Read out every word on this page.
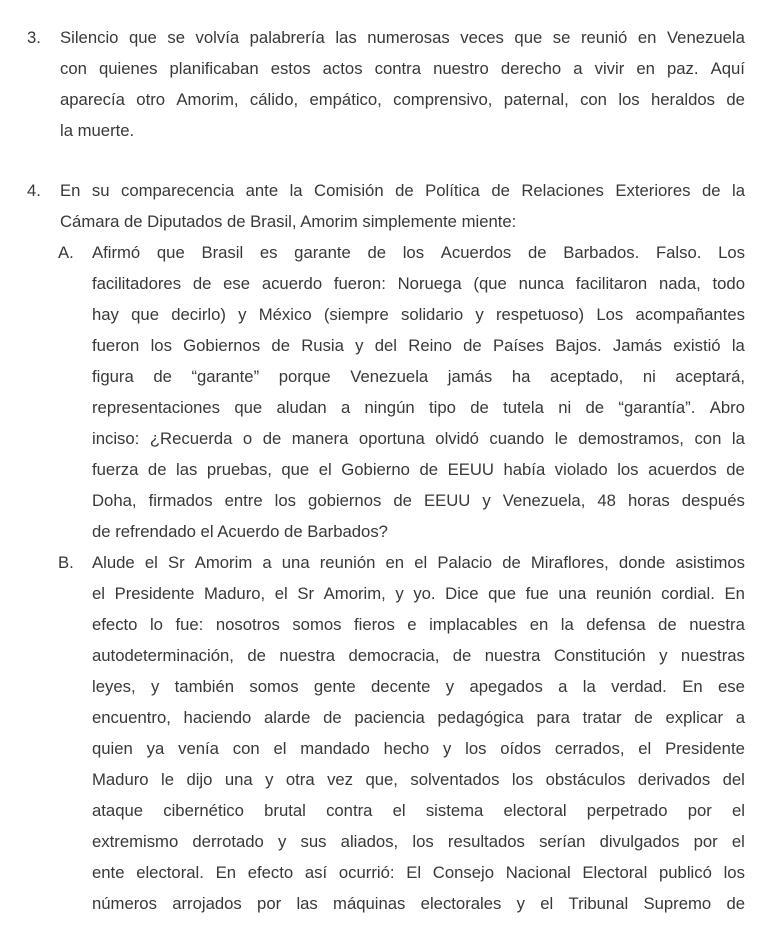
3. Silencio que se volvía palabrería las numerosas veces que se reunió en Venezuela
con quienes planificaban estos actos contra nuestro derecho a vivir en paz. Aquí
aparecía otro Amorim, cálido, empático, comprensivo, paternal, con los heraldos de
la muerte.
4. En su comparecencia ante la Comisión de Política de Relaciones Exteriores de la
Cámara de Diputados de Brasil, Amorim simplemente miente:
A. Afirmó que Brasil es garante de los Acuerdos de Barbados. Falso. Los
facilitadores de ese acuerdo fueron: Noruega (que nunca facilitaron nada, todo
hay que decirlo) y México (siempre solidario y respetuoso) Los acompañantes
fueron los Gobiernos de Rusia y del Reino de Países Bajos. Jamás existió la
figura de “garante” porque Venezuela jamás ha aceptado, ni aceptará,
representaciones que aludan a ningún tipo de tutela ni de “garantía”. Abro
inciso: ¿Recuerda o de manera oportuna olvidó cuando le demostramos, con la
fuerza de las pruebas, que el Gobierno de EEUU había violado los acuerdos de
Doha, firmados entre los gobiernos de EEUU y Venezuela, 48 horas después
de refrendado el Acuerdo de Barbados?
B. Alude el Sr Amorim a una reunión en el Palacio de Miraflores, donde asistimos
el Presidente Maduro, el Sr Amorim, y yo. Dice que fue una reunión cordial. En
efecto lo fue: nosotros somos fieros e implacables en la defensa de nuestra
autodeterminación, de nuestra democracia, de nuestra Constitución y nuestras
leyes, y también somos gente decente y apegados a la verdad. En ese
encuentro, haciendo alarde de paciencia pedagógica para tratar de explicar a
quien ya venía con el mandado hecho y los oídos cerrados, el Presidente
Maduro le dijo una y otra vez que, solventados los obstáculos derivados del
ataque cibernético brutal contra el sistema electoral perpetrado por el
extremismo derrotado y sus aliados, los resultados serían divulgados por el
ente electoral. En efecto así ocurrió: El Consejo Nacional Electoral publicó los
números arrojados por las máquinas electorales y el Tribunal Supremo de
